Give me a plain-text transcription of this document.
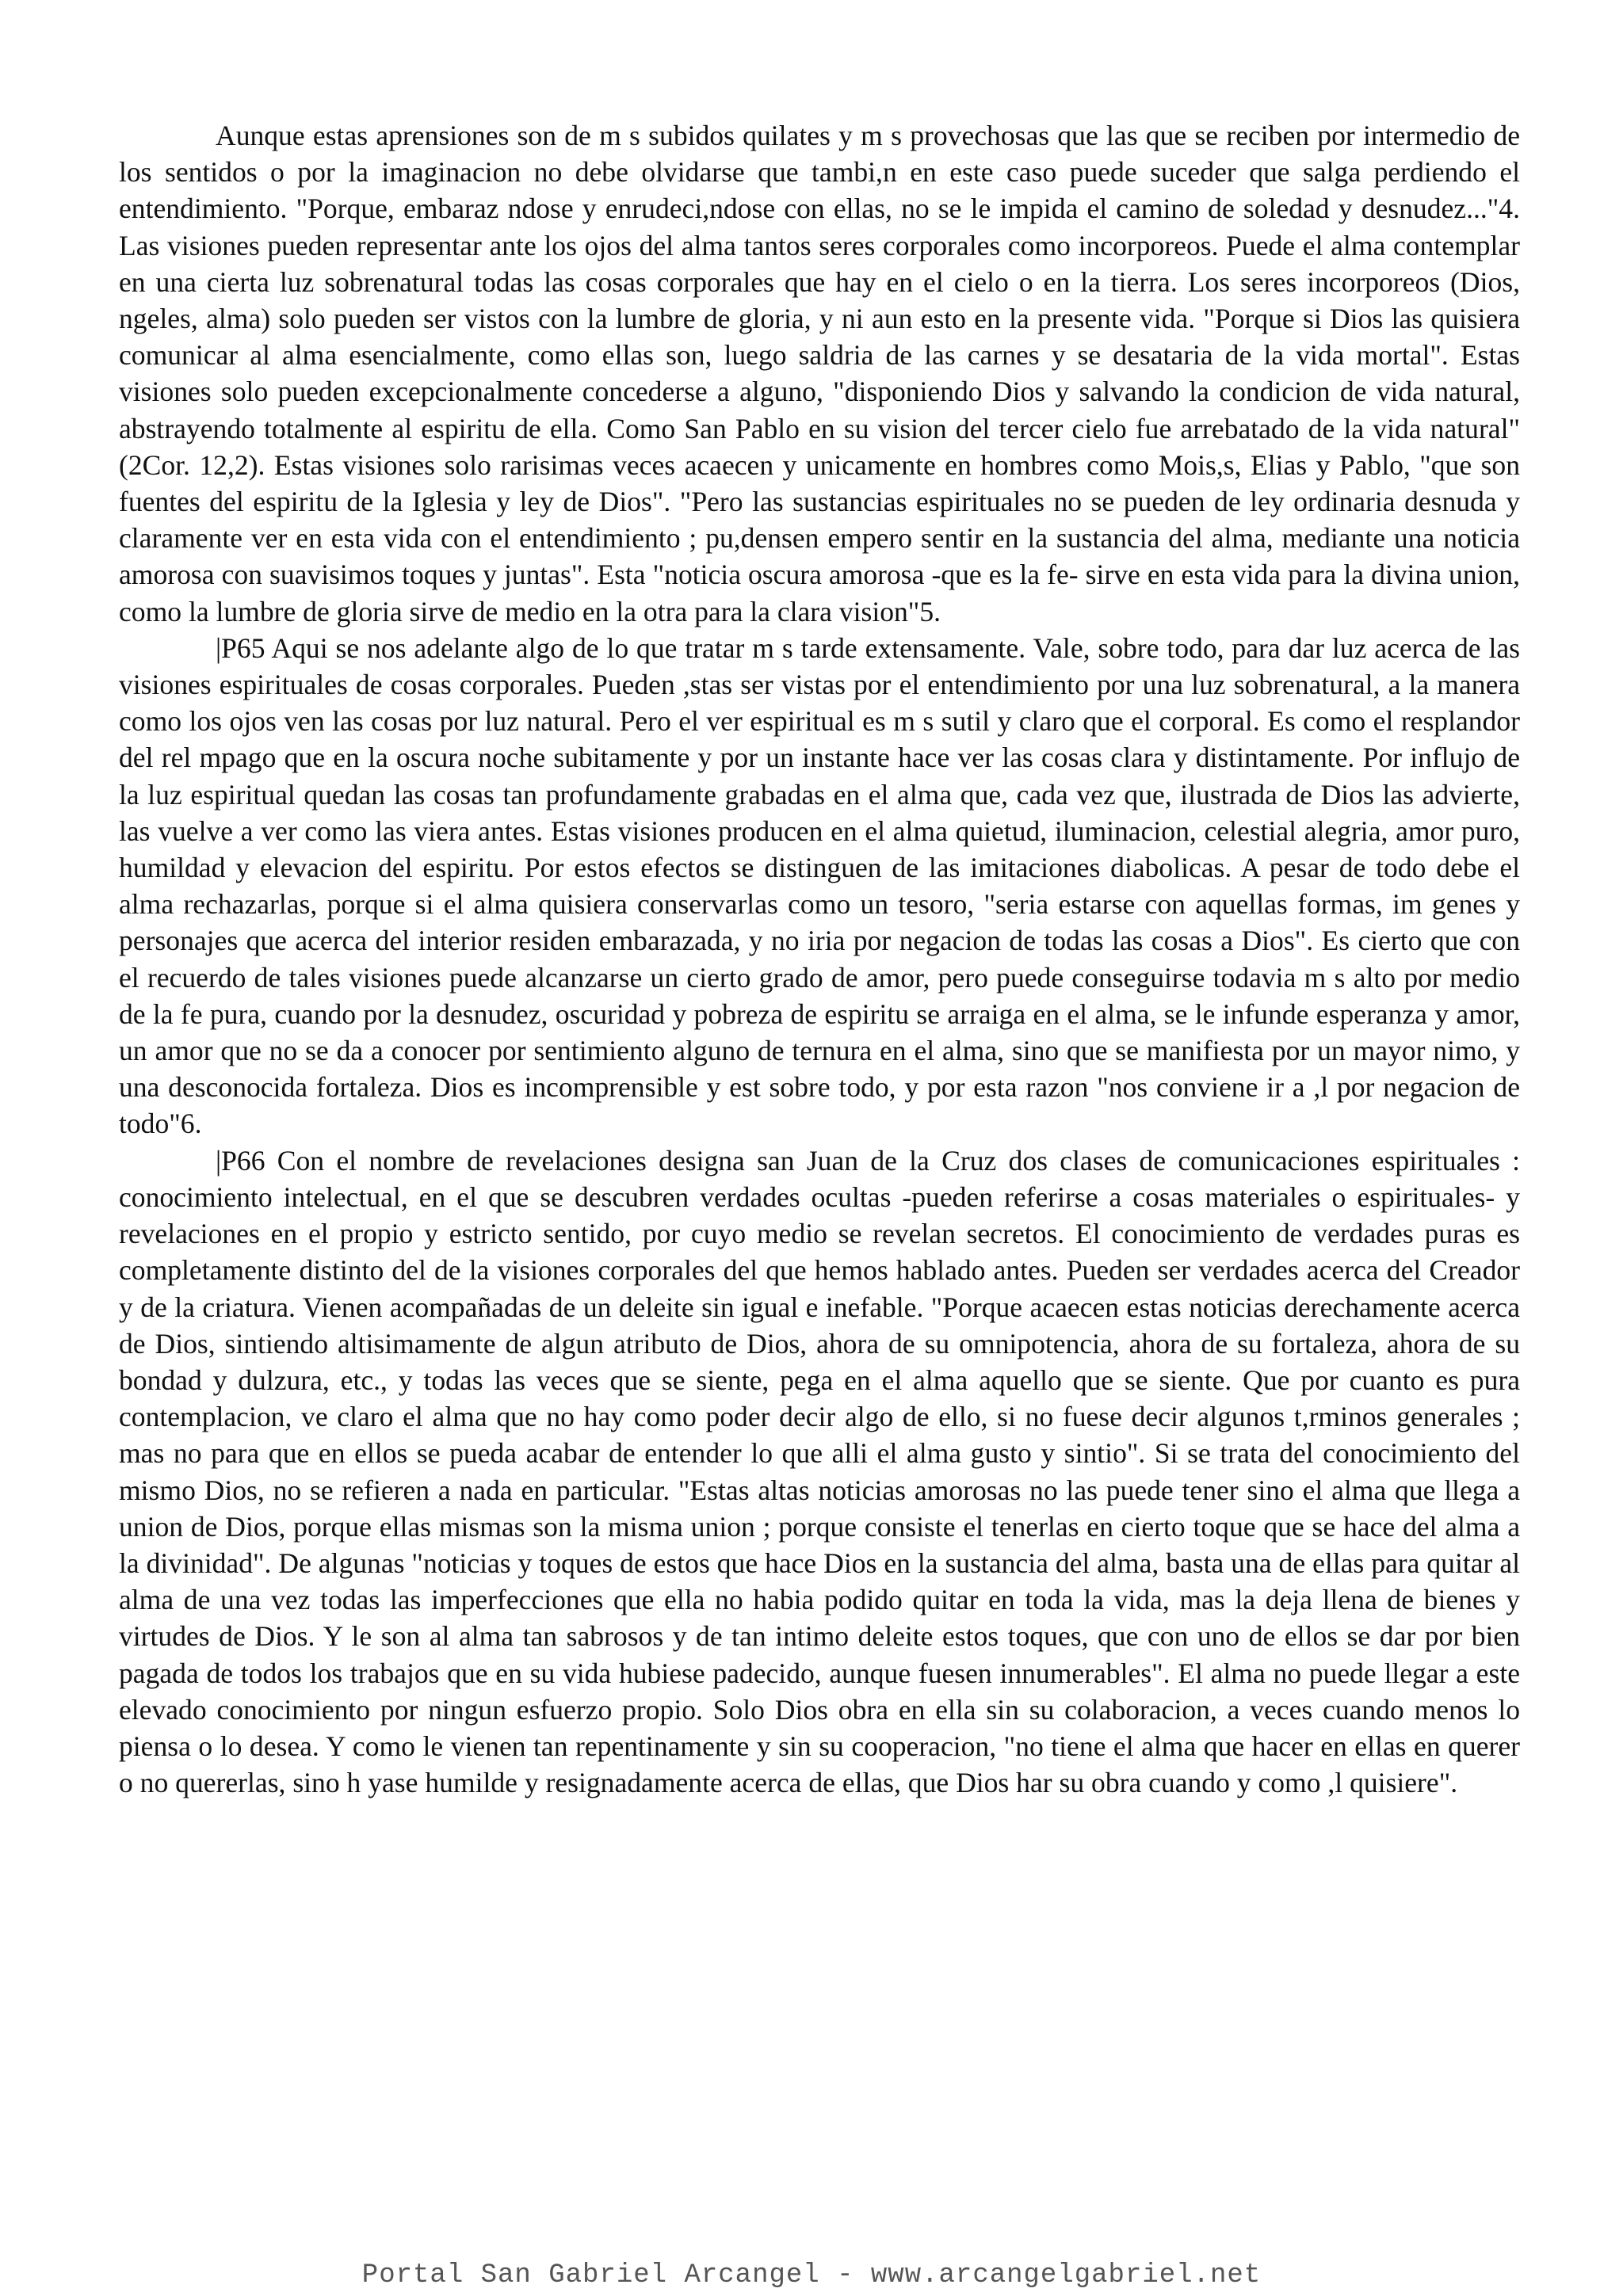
Aunque estas aprensiones son de m s subidos quilates y m s provechosas que las que se reciben por intermedio de los sentidos o por la imaginacion no debe olvidarse que tambi,n en este caso puede suceder que salga perdiendo el entendimiento. "Porque, embaraz ndose y enrudeci,ndose con ellas, no se le impida el camino de soledad y desnudez..."4. Las visiones pueden representar ante los ojos del alma tantos seres corporales como incorporeos. Puede el alma contemplar en una cierta luz sobrenatural todas las cosas corporales que hay en el cielo o en la tierra. Los seres incorporeos (Dios, ngeles, alma) solo pueden ser vistos con la lumbre de gloria, y ni aun esto en la presente vida. "Porque si Dios las quisiera comunicar al alma esencialmente, como ellas son, luego saldria de las carnes y se desataria de la vida mortal". Estas visiones solo pueden excepcionalmente concederse a alguno, "disponiendo Dios y salvando la condicion de vida natural, abstrayendo totalmente al espiritu de ella. Como San Pablo en su vision del tercer cielo fue arrebatado de la vida natural" (2Cor. 12,2). Estas visiones solo rarisimas veces acaecen y unicamente en hombres como Mois,s, Elias y Pablo, "que son fuentes del espiritu de la Iglesia y ley de Dios". "Pero las sustancias espirituales no se pueden de ley ordinaria desnuda y claramente ver en esta vida con el entendimiento ; pu,densen empero sentir en la sustancia del alma, mediante una noticia amorosa con suavisimos toques y juntas". Esta "noticia oscura amorosa -que es la fe- sirve en esta vida para la divina union, como la lumbre de gloria sirve de medio en la otra para la clara vision"5.

|P65 Aqui se nos adelante algo de lo que tratar m s tarde extensamente. Vale, sobre todo, para dar luz acerca de las visiones espirituales de cosas corporales. Pueden ,stas ser vistas por el entendimiento por una luz sobrenatural, a la manera como los ojos ven las cosas por luz natural. Pero el ver espiritual es m s sutil y claro que el corporal. Es como el resplandor del rel mpago que en la oscura noche subitamente y por un instante hace ver las cosas clara y distintamente. Por influjo de la luz espiritual quedan las cosas tan profundamente grabadas en el alma que, cada vez que, ilustrada de Dios las advierte, las vuelve a ver como las viera antes. Estas visiones producen en el alma quietud, iluminacion, celestial alegria, amor puro, humildad y elevacion del espiritu. Por estos efectos se distinguen de las imitaciones diabolicas. A pesar de todo debe el alma rechazarlas, porque si el alma quisiera conservarlas como un tesoro, "seria estarse con aquellas formas, im genes y personajes que acerca del interior residen embarazada, y no iria por negacion de todas las cosas a Dios". Es cierto que con el recuerdo de tales visiones puede alcanzarse un cierto grado de amor, pero puede conseguirse todavia m s alto por medio de la fe pura, cuando por la desnudez, oscuridad y pobreza de espiritu se arraiga en el alma, se le infunde esperanza y amor, un amor que no se da a conocer por sentimiento alguno de ternura en el alma, sino que se manifiesta por un mayor nimo, y una desconocida fortaleza. Dios es incomprensible y est sobre todo, y por esta razon "nos conviene ir a ,l por negacion de todo"6.

|P66 Con el nombre de revelaciones designa san Juan de la Cruz dos clases de comunicaciones espirituales : conocimiento intelectual, en el que se descubren verdades ocultas -pueden referirse a cosas materiales o espirituales- y revelaciones en el propio y estricto sentido, por cuyo medio se revelan secretos. El conocimiento de verdades puras es completamente distinto del de la visiones corporales del que hemos hablado antes. Pueden ser verdades acerca del Creador y de la criatura. Vienen acompañadas de un deleite sin igual e inefable. "Porque acaecen estas noticias derechamente acerca de Dios, sintiendo altisimamente de algun atributo de Dios, ahora de su omnipotencia, ahora de su fortaleza, ahora de su bondad y dulzura, etc., y todas las veces que se siente, pega en el alma aquello que se siente. Que por cuanto es pura contemplacion, ve claro el alma que no hay como poder decir algo de ello, si no fuese decir algunos t,rminos generales ; mas no para que en ellos se pueda acabar de entender lo que alli el alma gusto y sintio". Si se trata del conocimiento del mismo Dios, no se refieren a nada en particular. "Estas altas noticias amorosas no las puede tener sino el alma que llega a union de Dios, porque ellas mismas son la misma union ; porque consiste el tenerlas en cierto toque que se hace del alma a la divinidad". De algunas "noticias y toques de estos que hace Dios en la sustancia del alma, basta una de ellas para quitar al alma de una vez todas las imperfecciones que ella no habia podido quitar en toda la vida, mas la deja llena de bienes y virtudes de Dios. Y le son al alma tan sabrosos y de tan intimo deleite estos toques, que con uno de ellos se dar por bien pagada de todos los trabajos que en su vida hubiese padecido, aunque fuesen innumerables". El alma no puede llegar a este elevado conocimiento por ningun esfuerzo propio. Solo Dios obra en ella sin su colaboracion, a veces cuando menos lo piensa o lo desea. Y como le vienen tan repentinamente y sin su cooperacion, "no tiene el alma que hacer en ellas en querer o no quererlas, sino h yase humilde y resignadamente acerca de ellas, que Dios har su obra cuando y como ,l quisiere".

Portal San Gabriel Arcangel - www.arcangelgabriel.net
